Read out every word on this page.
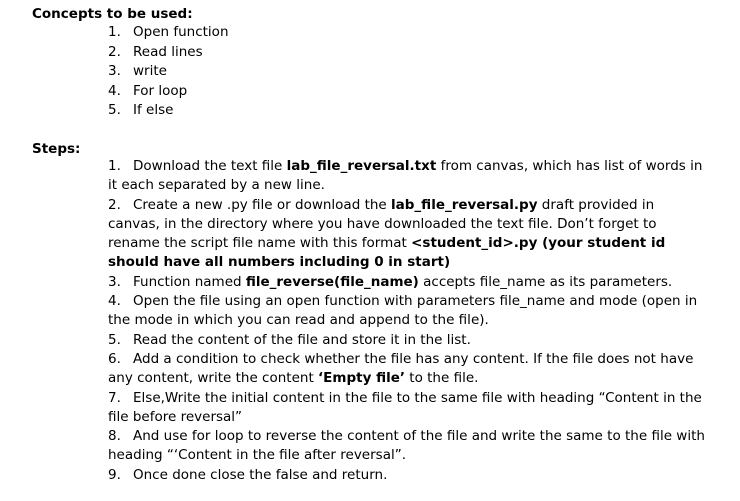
Concepts to be used:
1. Open function
2. Read lines
3. write
4. For loop
5. If else
Steps:

1. Download the text file lab_file_reversal.txt from canvas, which has list of words in it each separated by a new line.

2. Create a new .py file or download the lab_file_reversal.py draft provided in canvas, in the directory where you have downloaded the text file. Don’t forget to rename the script file name with this format <student_id>.py (your student id should have all numbers including 0 in start)

3. Function named file_reverse(file_name) accepts file_name as its parameters.

4. Open the file using an open function with parameters file_name and mode (open in the mode in which you can read and append to the file).

5. Read the content of the file and store it in the list.

6. Add a condition to check whether the file has any content. If the file does not have any content, write the content ‘Empty file’ to the file.

7. Else,Write the initial content in the file to the same file with heading “Content in the file before reversal”

8. And use for loop to reverse the content of the file and write the same to the file with heading “‘Content in the file after reversal”.

9. Once done close the false and return.
